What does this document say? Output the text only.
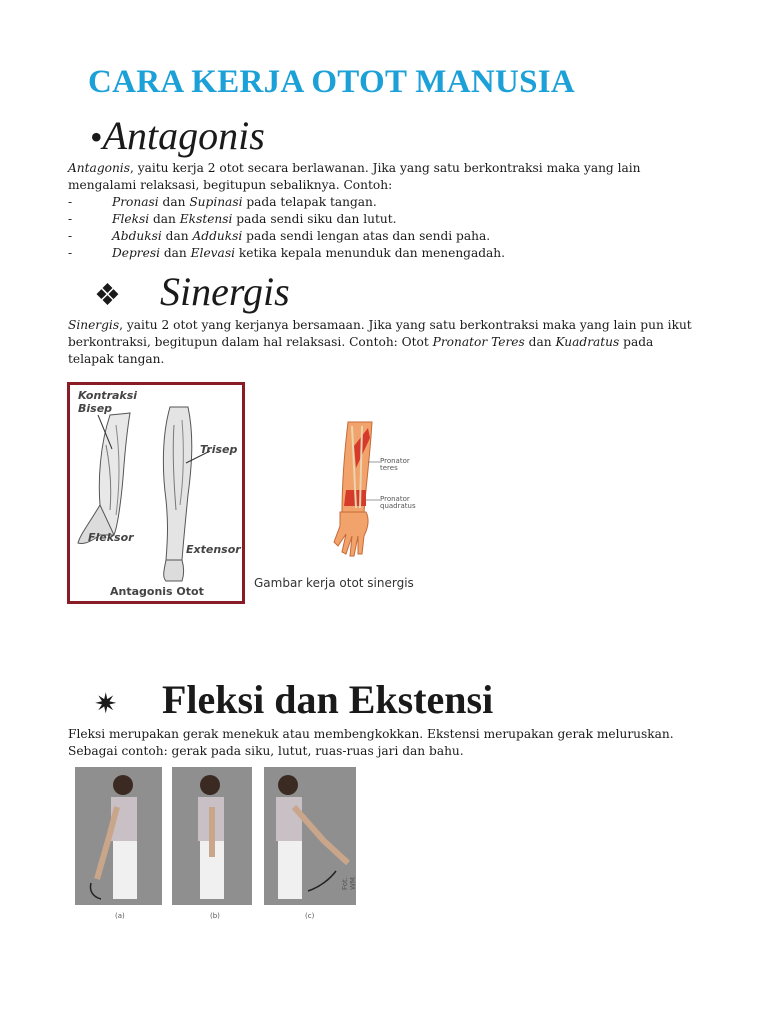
CARA KERJA OTOT MANUSIA
•Antagonis
Antagonis, yaitu kerja 2 otot secara berlawanan. Jika yang satu berkontraksi maka yang lain
mengalami relaksasi, begitupun sebaliknya. Contoh:
-	Pronasi dan Supinasi pada telapak tangan.
-	Fleksi dan Ekstensi pada sendi siku dan lutut.
-	Abduksi dan Adduksi pada sendi lengan atas dan sendi paha.
-	Depresi dan Elevasi ketika kepala menunduk dan menengadah.
❖ Sinergis
Sinergis, yaitu 2 otot yang kerjanya bersamaan. Jika yang satu berkontraksi maka yang lain pun ikut
berkontraksi, begitupun dalam hal relaksasi. Contoh: Otot Pronator Teres dan Kuadratus pada
telapak tangan.
Kontraksi
Bisep
Trisep
Fleksor
Extensor
Antagonis Otot
Pronator teres
Pronator quadratus
Gambar kerja otot sinergis
✷ Fleksi dan Ekstensi
Fleksi merupakan gerak menekuk atau membengkokkan. Ekstensi merupakan gerak meluruskan.
Sebagai contoh: gerak pada siku, lutut, ruas-ruas jari dan bahu.
Fot. WM
(a)	(b)	(c)
